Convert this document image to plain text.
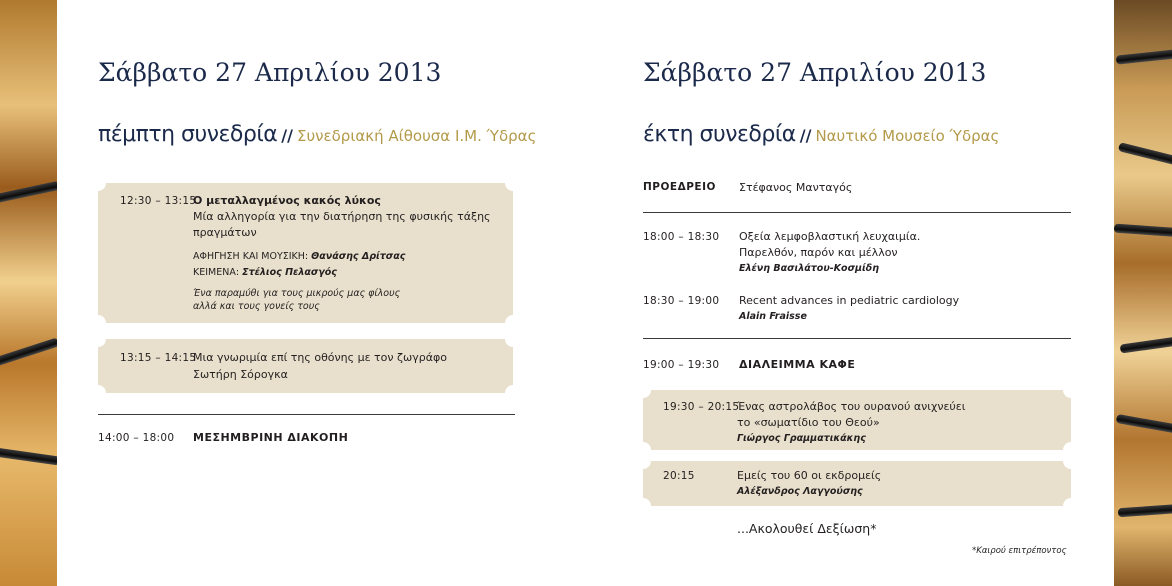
Σάββατο 27 Απριλίου 2013
πέμπτη συνεδρία // Συνεδριακή Αίθουσα Ι.Μ. Ύδρας
12:30 – 13:15
Ο μεταλλαγμένος κακός λύκος
Μία αλληγορία για την διατήρηση της φυσικής τάξης
πραγμάτων
ΑΦΗΓΗΣΗ ΚΑΙ ΜΟΥΣΙΚΗ: Θανάσης Δρίτσας
ΚΕΙΜΕΝΑ: Στέλιος Πελασγός
Ένα παραμύθι για τους μικρούς μας φίλους
αλλά και τους γονείς τους
13:15 – 14:15
Μια γνωριμία επί της οθόνης με τον ζωγράφο
Σωτήρη Σόρογκα
14:00 – 18:00 ΜΕΣΗΜΒΡΙΝΗ ΔΙΑΚΟΠΗ
Σάββατο 27 Απριλίου 2013
έκτη συνεδρία // Ναυτικό Μουσείο Ύδρας
ΠΡΟΕΔΡΕΙΟ Στέφανος Μανταγός
18:00 – 18:30 Οξεία λεμφοβλαστική λευχαιμία.
Παρελθόν, παρόν και μέλλον
Ελένη Βασιλάτου-Κοσμίδη
18:30 – 19:00 Recent advances in pediatric cardiology
Alain Fraisse
19:00 – 19:30 ΔΙΑΛΕΙΜΜΑ ΚΑΦΕ
19:30 – 20:15
Ένας αστρολάβος του ουρανού ανιχνεύει
το «σωματίδιο του Θεού»
Γιώργος Γραμματικάκης
20:15	Εμείς του 60 οι εκδρομείς
Αλέξανδρος Λαγγούσης
...Ακολουθεί Δεξίωση*
*Καιρού επιτρέποντος
